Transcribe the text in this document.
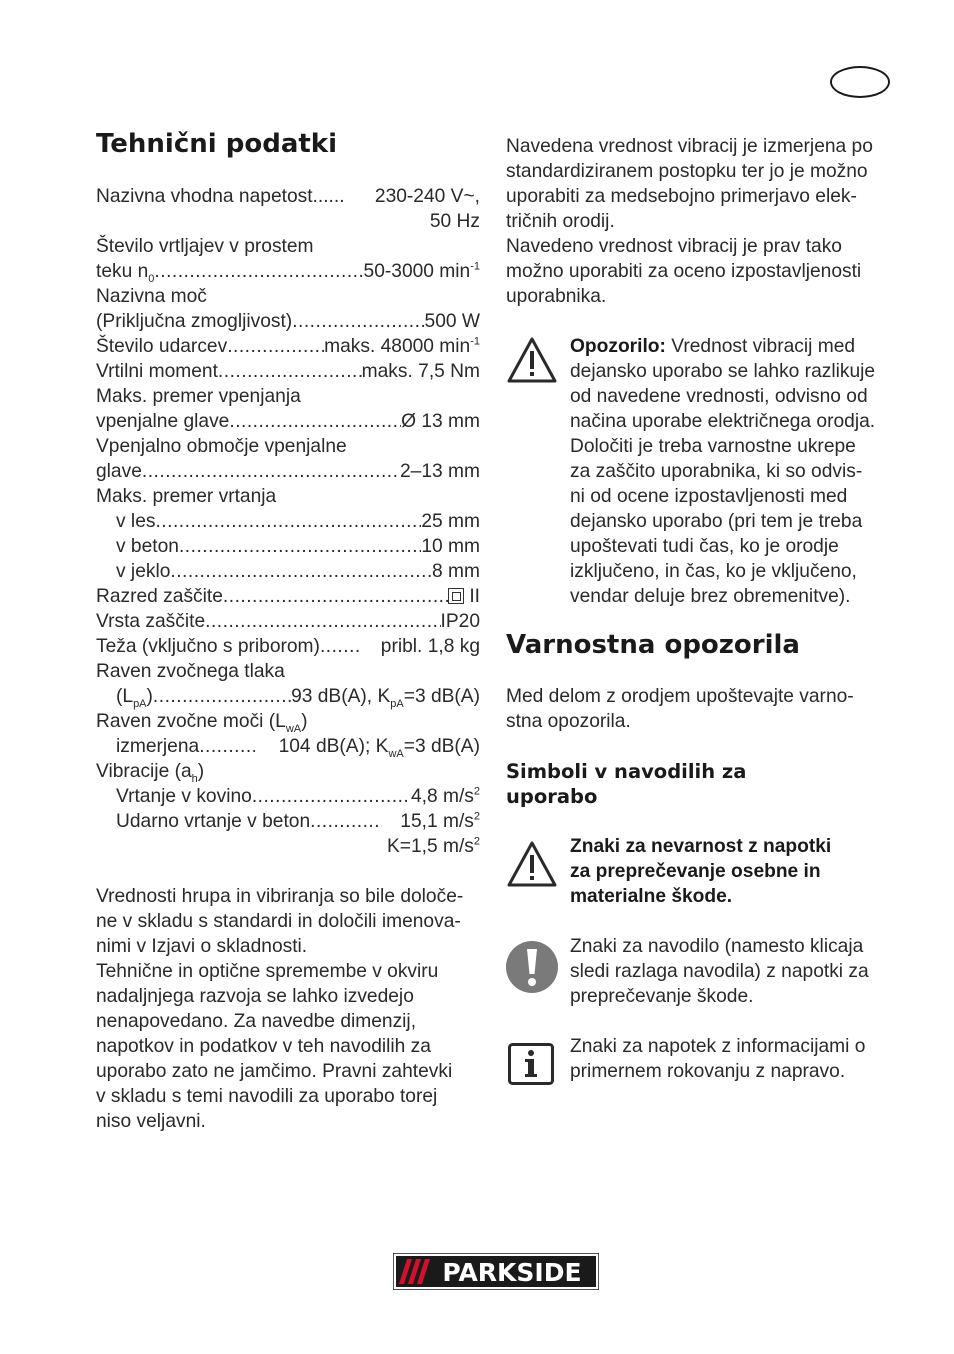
Tehnični podatki
Nazivna vhodna napetost ...... 230-240 V~,
50 Hz
Število vrtljajev v prostem
teku $n_0$ .....	50-3000 $\min^{-1}$
Nazivna moč
(Priključna zmogljivost) .....	500 W
Število udarcev .....	maks. 48000 $\min^{-1}$
Vrtilni moment .....	maks. 7,5 Nm
Maks. premer vpenjanja
vpenjalne glave .....	Ø 13 mm
Vpenjalno območje vpenjalne
glave .....	2–13 mm
Maks. premer vrtanja
v les .....	25 mm
v beton .....	10 mm
v jeklo .....	8 mm
Razred zaščite .....	II
Vrsta zaščite .....	IP20
Teža (vključno s priborom) .....	pribl. 1,8 kg
Raven zvočnega tlaka
$(L_{pA})$ .....	93 dB(A), $K_{pA}=3$ dB(A)
Raven zvočne moči $(L_{wA})$
izmerjena .....	104 dB(A); $K_{wA}=3$ dB(A)
Vibracije $(a_h)$
Vrtanje v kovino .....	4,8 $m/s^2$
Udarno vrtanje v beton .....	15,1 $m/s^2$
K=1,5 $m/s^2$
Vrednosti hrupa in vibriranja so bile določe-
ne v skladu s standardi in določili imenova-
nimi v Izjavi o skladnosti.
Tehnične in optične spremembe v okviru
nadaljnjega razvoja se lahko izvedejo
nenapovedano. Za navedbe dimenzij,
napotkov in podatkov v teh navodilih za
uporabo zato ne jamčimo. Pravni zahtevki
v skladu s temi navodili za uporabo torej
niso veljavni.
Navedena vrednost vibracij je izmerjena po
standardiziranem postopku ter jo je možno
uporabiti za medsebojno primerjavo elek-
tričnih orodij.
Navedeno vrednost vibracij je prav tako
možno uporabiti za oceno izpostavljenosti
uporabnika.
Opozorilo: Vrednost vibracij med
dejansko uporabo se lahko razlikuje
od navedene vrednosti, odvisno od
načina uporabe električnega orodja.
Določiti je treba varnostne ukrepe
za zaščito uporabnika, ki so odvis-
ni od ocene izpostavljenosti med
dejansko uporabo (pri tem je treba
upoštevati tudi čas, ko je orodje
izključeno, in čas, ko je vključeno,
vendar deluje brez obremenitve).
Varnostna opozorila
Med delom z orodjem upoštevajte varno-
stna opozorila.
Simboli v navodilih za
uporabo
Znaki za nevarnost z napotki
za preprečevanje osebne in
materialne škode.
Znaki za navodilo (namesto klicaja
sledi razlaga navodila) z napotki za
preprečevanje škode.
Znaki za napotek z informacijami o
primernem rokovanju z napravo.
PARKSIDE
